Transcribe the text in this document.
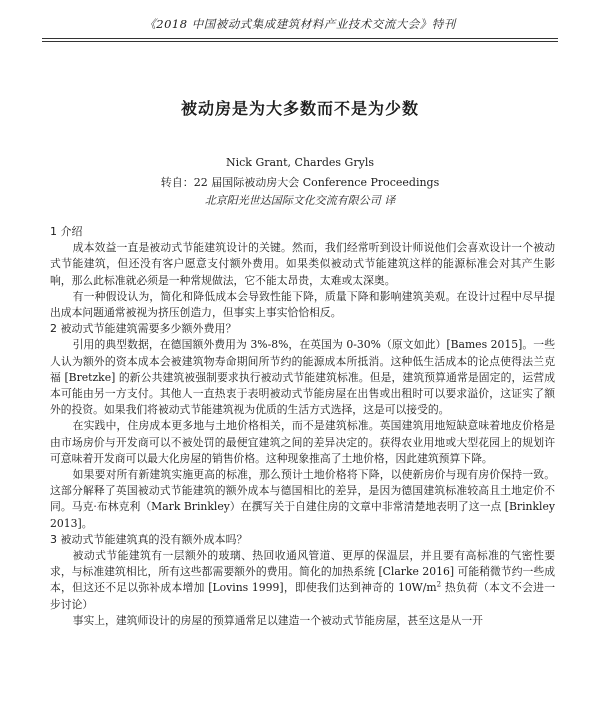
《2018 中国被动式集成建筑材料产业技术交流大会》特刊
被动房是为大多数而不是为少数
Nick Grant, Chardes Gryls
转自：22 届国际被动房大会 Conference Proceedings
北京阳光世达国际文化交流有限公司 译
1 介绍

成本效益一直是被动式节能建筑设计的关键。然而，我们经常听到设计师说他们会喜欢设计一个被动式节能建筑，但还没有客户愿意支付额外费用。如果类似被动式节能建筑这样的能源标准会对其产生影响，那么此标准就必须是一种常规做法，它不能太昂贵，太难或太深奥。

有一种假设认为，简化和降低成本会导致性能下降，质量下降和影响建筑美观。在设计过程中尽早提出成本问题通常被视为挤压创造力，但事实上事实恰恰相反。

2 被动式节能建筑需要多少额外费用？

引用的典型数据，在德国额外费用为 3%-8%，在英国为 0-30%（原文如此）[Bames 2015]。一些人认为额外的资本成本会被建筑物寿命期间所节约的能源成本所抵消。这种低生活成本的论点使得法兰克福 [Bretzke] 的新公共建筑被强制要求执行被动式节能建筑标准。但是，建筑预算通常是固定的，运营成本可能由另一方支付。其他人一直热衷于表明被动式节能房屋在出售或出租时可以要求溢价，这证实了额外的投资。如果我们将被动式节能建筑视为优质的生活方式选择，这是可以接受的。

在实践中，住房成本更多地与土地价格相关，而不是建筑标准。英国建筑用地短缺意味着地皮价格是由市场房价与开发商可以不被处罚的最便宜建筑之间的差异决定的。获得农业用地或大型花园上的规划许可意味着开发商可以最大化房屋的销售价格。这种现象推高了土地价格，因此建筑预算下降。

如果要对所有新建筑实施更高的标准，那么预计土地价格将下降，以使新房价与现有房价保持一致。这部分解释了英国被动式节能建筑的额外成本与德国相比的差异，是因为德国建筑标准较高且土地定价不同。马克·布林克利（Mark Brinkley）在撰写关于自建住房的文章中非常清楚地表明了这一点 [Brinkley 2013]。

3 被动式节能建筑真的没有额外成本吗？

被动式节能建筑有一层额外的玻璃、热回收通风管道、更厚的保温层，并且要有高标准的气密性要求，与标准建筑相比，所有这些都需要额外的费用。简化的加热系统 [Clarke 2016] 可能稍微节约一些成本，但这还不足以弥补成本增加 [Lovins 1999]，即使我们达到神奇的 $10W/m^2$ 热负荷（本文不会进一步讨论）

事实上，建筑师设计的房屋的预算通常足以建造一个被动式节能房屋，甚至这是从一开
